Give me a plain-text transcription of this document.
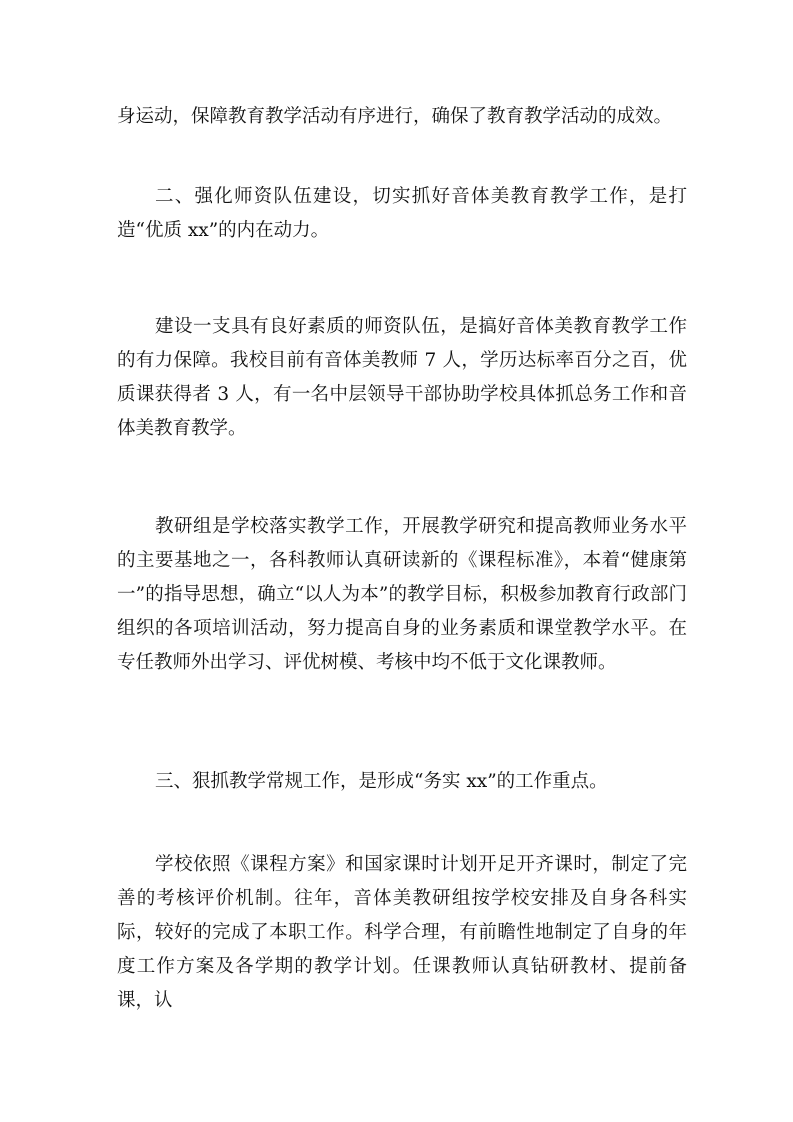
身运动，保障教育教学活动有序进行，确保了教育教学活动的成效。

二、强化师资队伍建设，切实抓好音体美教育教学工作，是打造“优质 xx”的内在动力。

建设一支具有良好素质的师资队伍，是搞好音体美教育教学工作的有力保障。我校目前有音体美教师 7 人，学历达标率百分之百，优质课获得者 3 人，有一名中层领导干部协助学校具体抓总务工作和音体美教育教学。

教研组是学校落实教学工作，开展教学研究和提高教师业务水平的主要基地之一，各科教师认真研读新的《课程标准》，本着“健康第一”的指导思想，确立“以人为本”的教学目标，积极参加教育行政部门组织的各项培训活动，努力提高自身的业务素质和课堂教学水平。在专任教师外出学习、评优树模、考核中均不低于文化课教师。

三、狠抓教学常规工作，是形成“务实 xx”的工作重点。

学校依照《课程方案》和国家课时计划开足开齐课时，制定了完善的考核评价机制。往年，音体美教研组按学校安排及自身各科实际，较好的完成了本职工作。科学合理，有前瞻性地制定了自身的年度工作方案及各学期的教学计划。任课教师认真钻研教材、提前备课，认
